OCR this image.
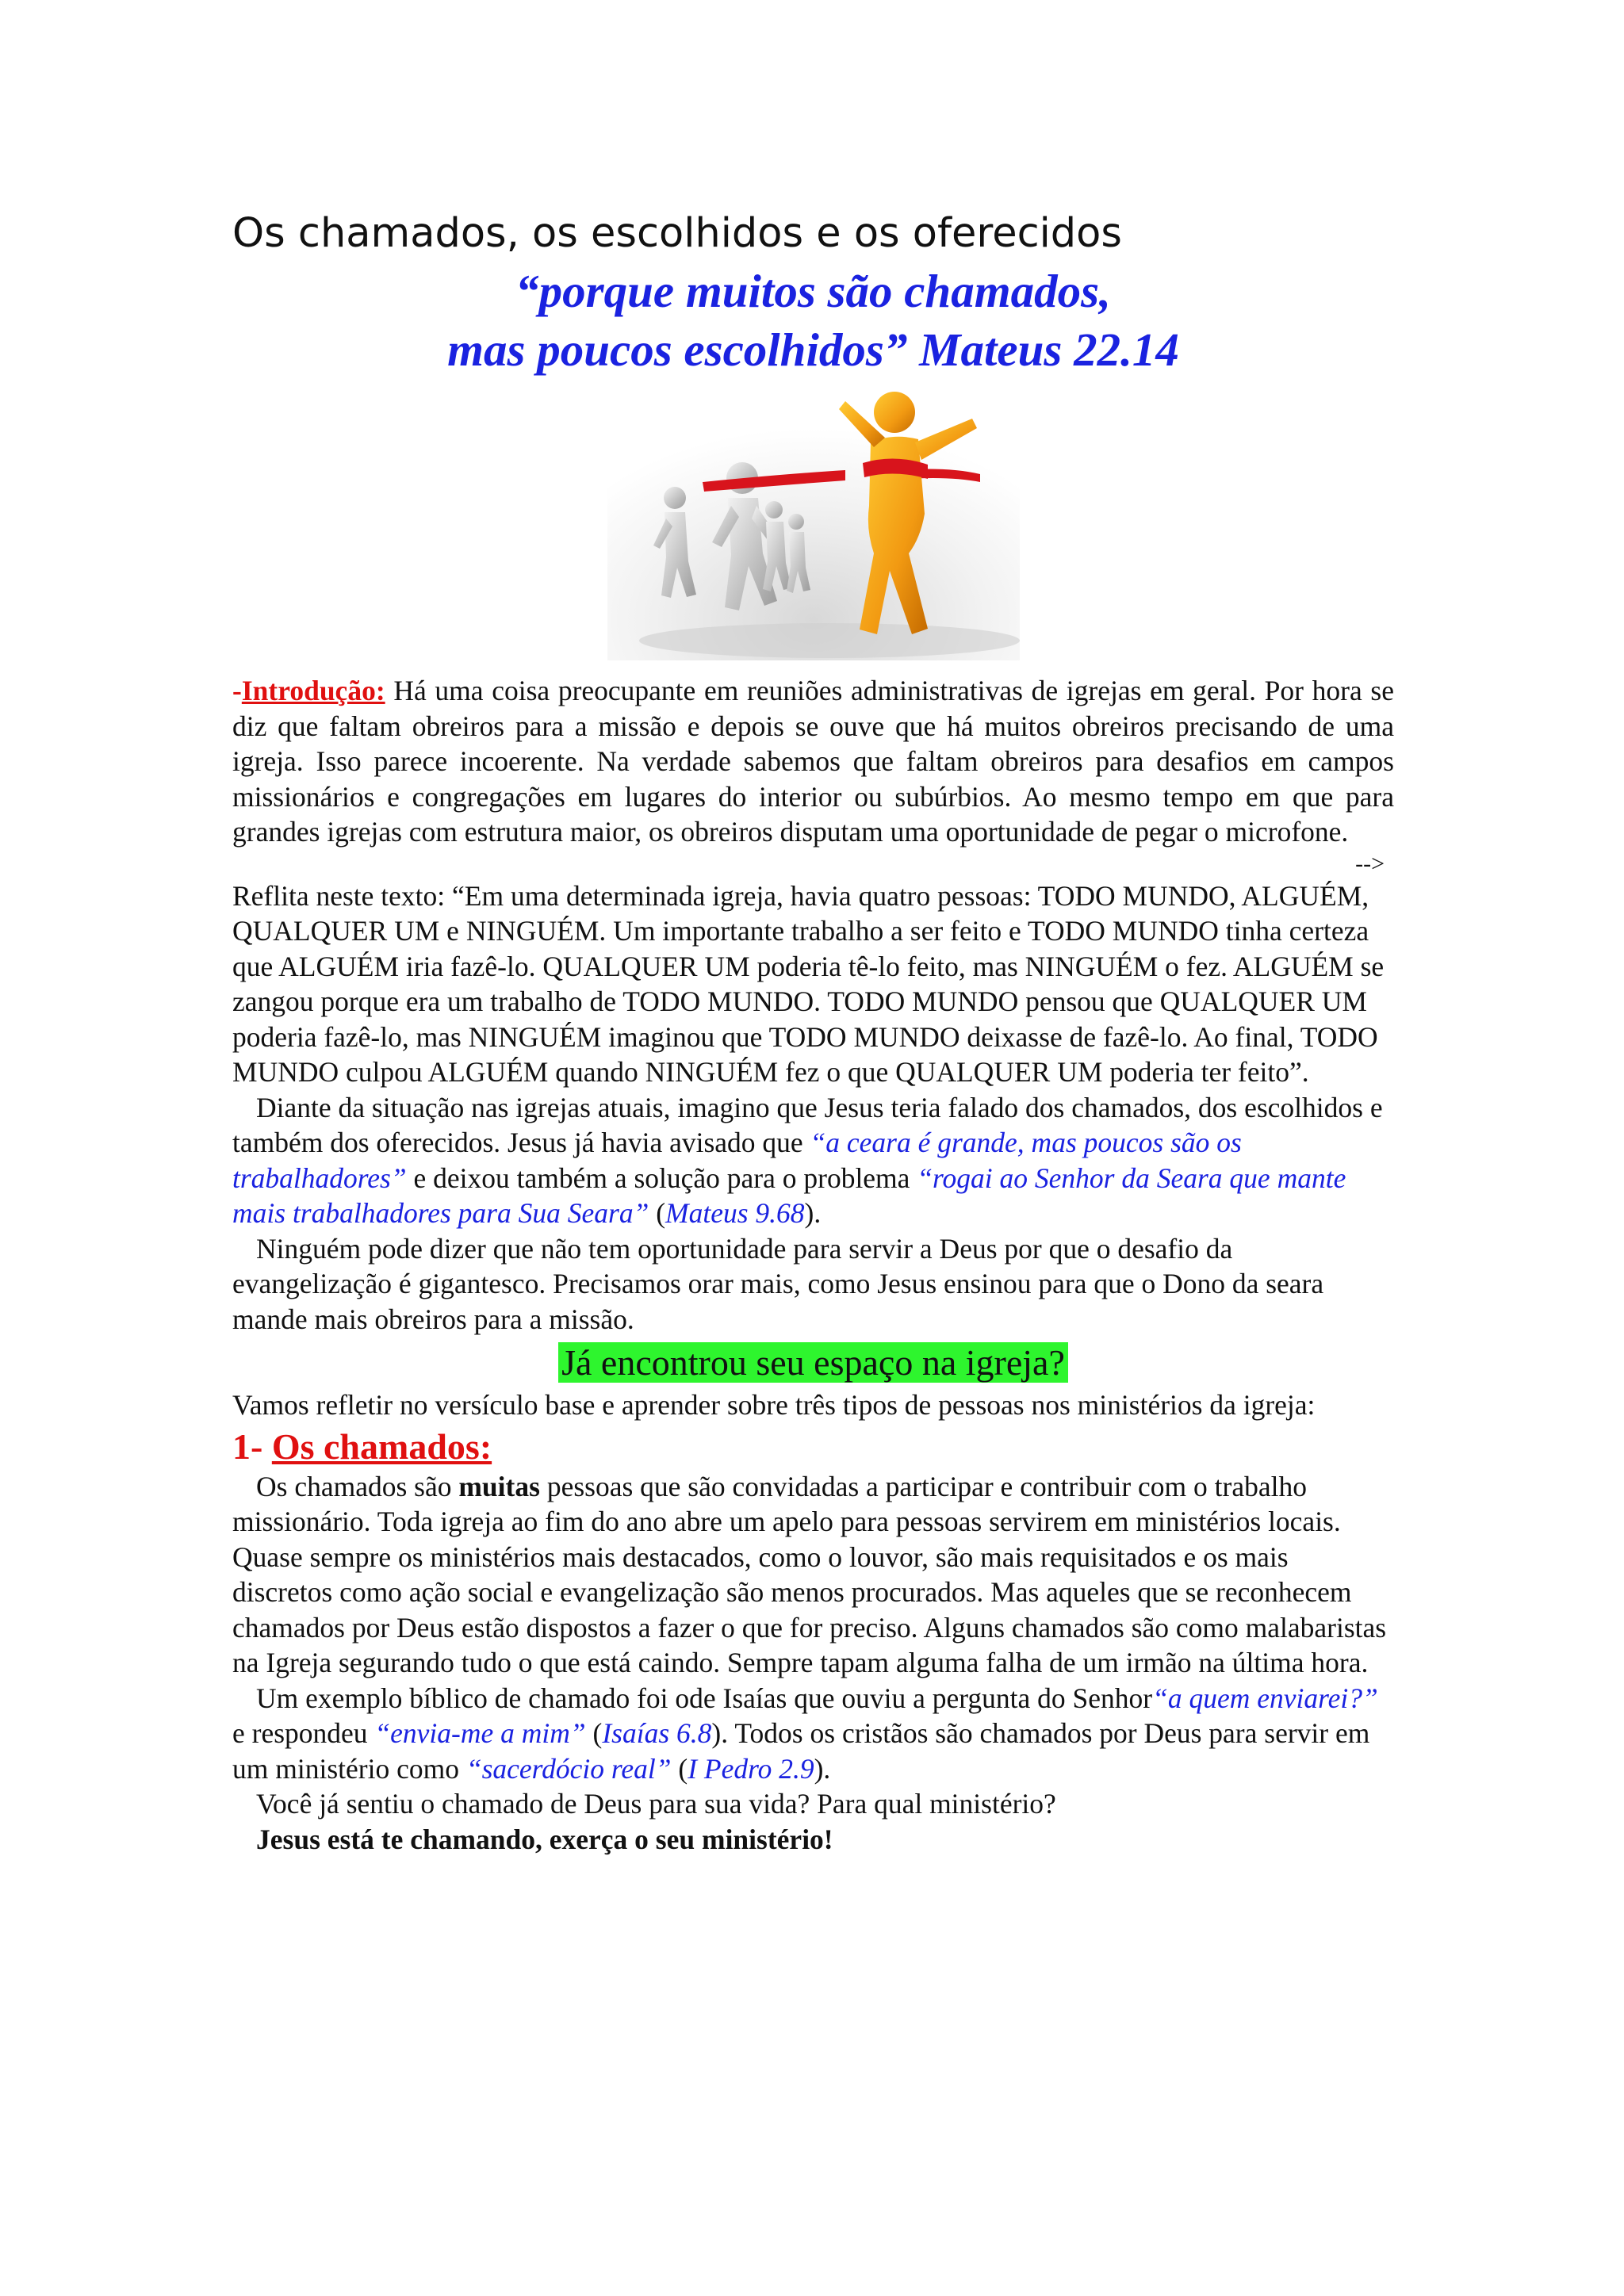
Os chamados, os escolhidos e os oferecidos
“porque muitos são chamados,
mas poucos escolhidos” Mateus 22.14

-Introdução: Há uma coisa preocupante em reuniões administrativas de igrejas em geral. Por hora se diz que faltam obreiros para a missão e depois se ouve que há muitos obreiros precisando de uma igreja. Isso parece incoerente. Na verdade sabemos que faltam obreiros para desafios em campos missionários e congregações em lugares do interior ou subúrbios. Ao mesmo tempo em que para grandes igrejas com estrutura maior, os obreiros disputam uma oportunidade de pegar o microfone.

-->

Reflita neste texto: “Em uma determinada igreja, havia quatro pessoas: TODO MUNDO, ALGUÉM, QUALQUER UM e NINGUÉM. Um importante trabalho a ser feito e TODO MUNDO tinha certeza que ALGUÉM iria fazê-lo. QUALQUER UM poderia tê-lo feito, mas NINGUÉM o fez. ALGUÉM se zangou porque era um trabalho de TODO MUNDO. TODO MUNDO pensou que QUALQUER UM poderia fazê-lo, mas NINGUÉM imaginou que TODO MUNDO deixasse de fazê-lo. Ao final, TODO MUNDO culpou ALGUÉM quando NINGUÉM fez o que QUALQUER UM poderia ter feito”.

Diante da situação nas igrejas atuais, imagino que Jesus teria falado dos chamados, dos escolhidos e também dos oferecidos. Jesus já havia avisado que “a ceara é grande, mas poucos são os trabalhadores” e deixou também a solução para o problema “rogai ao Senhor da Seara que mante mais trabalhadores para Sua Seara” (Mateus 9.68).

Ninguém pode dizer que não tem oportunidade para servir a Deus por que o desafio da evangelização é gigantesco. Precisamos orar mais, como Jesus ensinou para que o Dono da seara mande mais obreiros para a missão.

Já encontrou seu espaço na igreja?

Vamos refletir no versículo base e aprender sobre três tipos de pessoas nos ministérios da igreja:

1- Os chamados:

Os chamados são muitas pessoas que são convidadas a participar e contribuir com o trabalho missionário. Toda igreja ao fim do ano abre um apelo para pessoas servirem em ministérios locais. Quase sempre os ministérios mais destacados, como o louvor, são mais requisitados e os mais discretos como ação social e evangelização são menos procurados. Mas aqueles que se reconhecem chamados por Deus estão dispostos a fazer o que for preciso. Alguns chamados são como malabaristas na Igreja segurando tudo o que está caindo. Sempre tapam alguma falha de um irmão na última hora.

Um exemplo bíblico de chamado foi ode Isaías que ouviu a pergunta do Senhor“a quem enviarei?” e respondeu “envia-me a mim” (Isaías 6.8). Todos os cristãos são chamados por Deus para servir em um ministério como “sacerdócio real” (I Pedro 2.9).

Você já sentiu o chamado de Deus para sua vida? Para qual ministério?

Jesus está te chamando, exerça o seu ministério!
